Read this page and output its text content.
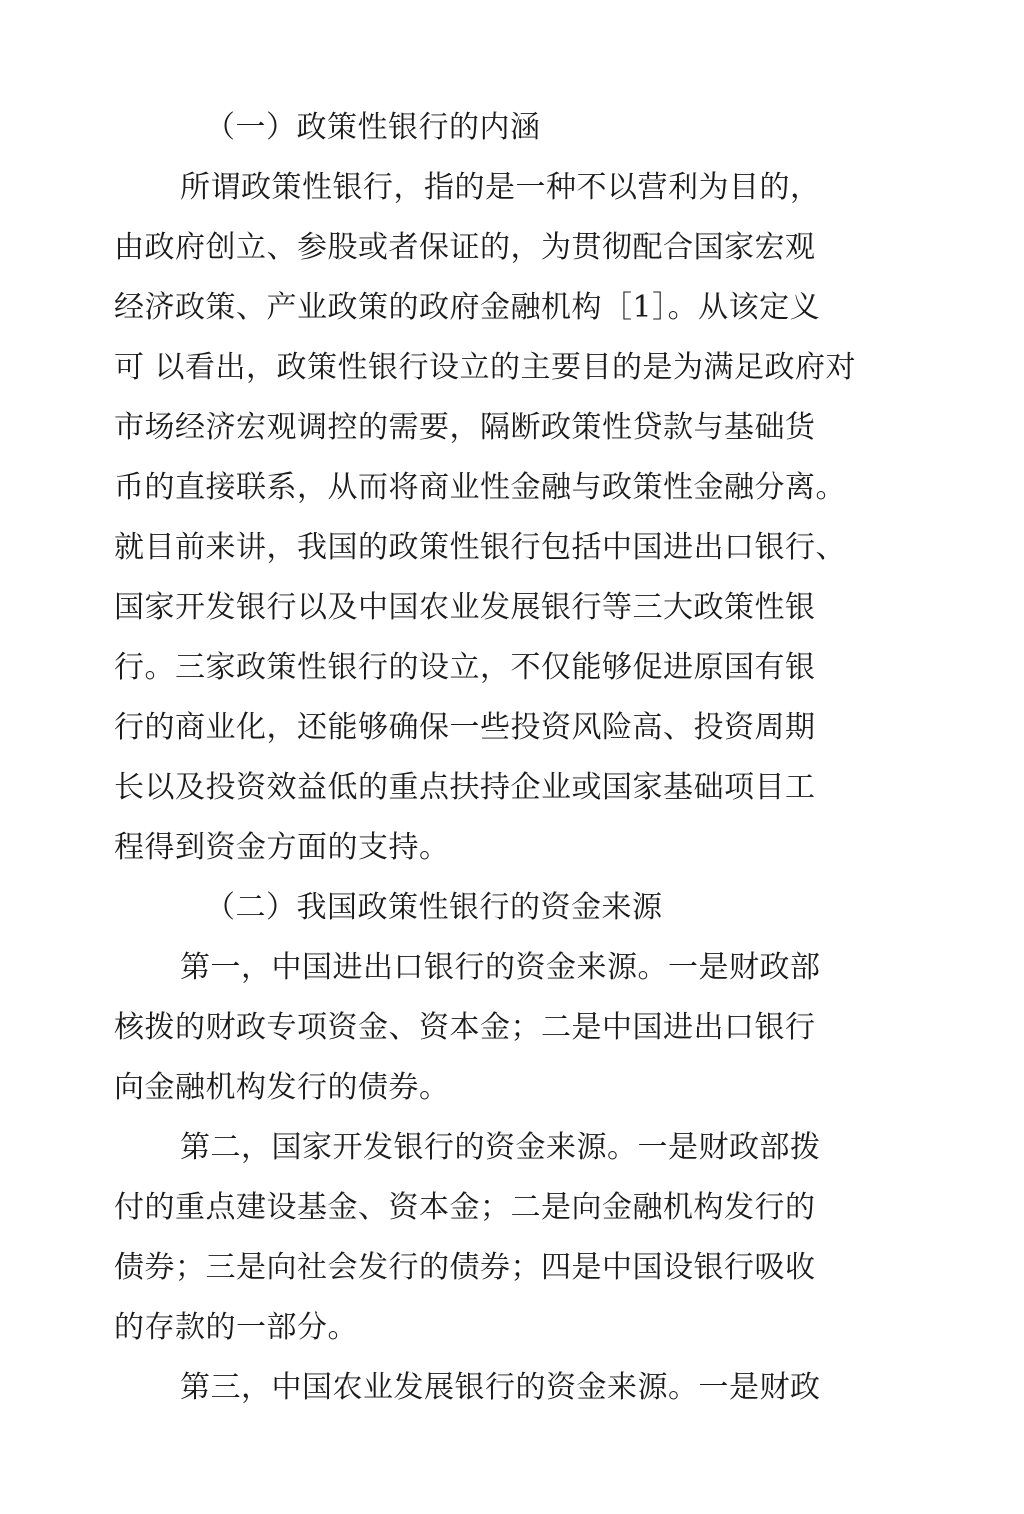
（一）政策性银行的内涵
所谓政策性银行，指的是一种不以营利为目的，
由政府创立、参股或者保证的，为贯彻配合国家宏观
经济政策、产业政策的政府金融机构［1］。从该定义
可 以看出，政策性银行设立的主要目的是为满足政府对
市场经济宏观调控的需要，隔断政策性贷款与基础货
币的直接联系，从而将商业性金融与政策性金融分离。
就目前来讲，我国的政策性银行包括中国进出口银行、
国家开发银行以及中国农业发展银行等三大政策性银
行。三家政策性银行的设立，不仅能够促进原国有银
行的商业化，还能够确保一些投资风险高、投资周期
长以及投资效益低的重点扶持企业或国家基础项目工
程得到资金方面的支持。
（二）我国政策性银行的资金来源
第一，中国进出口银行的资金来源。一是财政部
核拨的财政专项资金、资本金；二是中国进出口银行
向金融机构发行的债券。
第二，国家开发银行的资金来源。一是财政部拨
付的重点建设基金、资本金；二是向金融机构发行的
债券；三是向社会发行的债券；四是中国设银行吸收
的存款的一部分。
第三，中国农业发展银行的资金来源。一是财政
